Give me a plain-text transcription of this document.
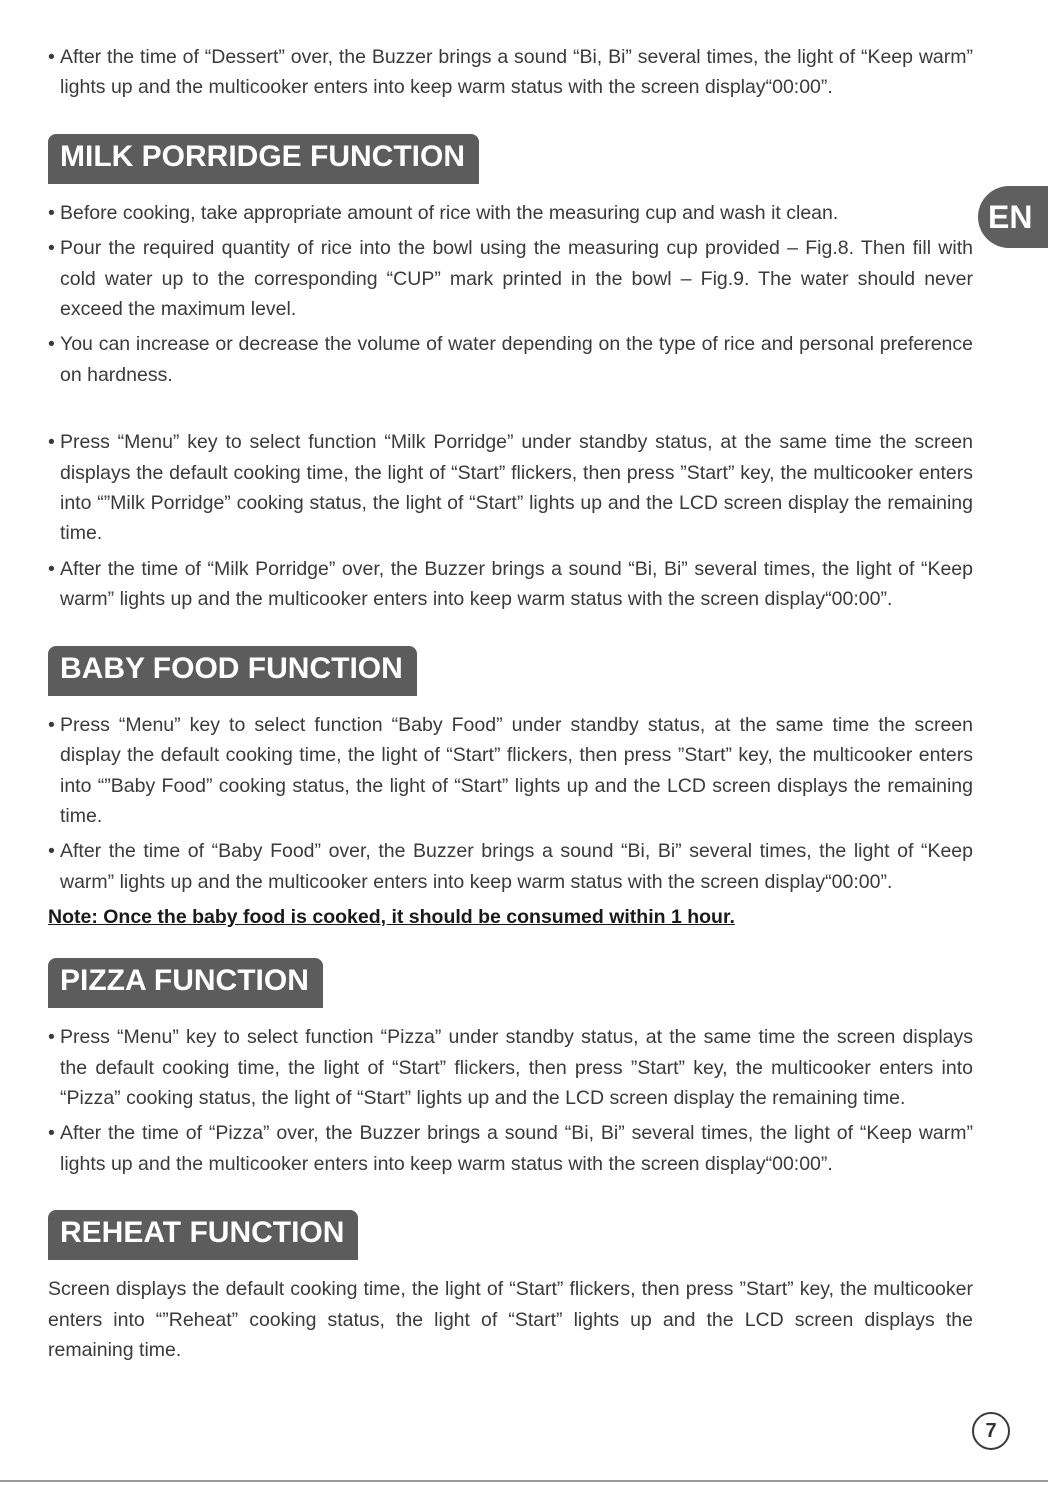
• After the time of “Dessert” over, the Buzzer brings a sound “Bi, Bi” several times, the light of “Keep warm” lights up and the multicooker enters into keep warm status with the screen display“00:00”.

MILK PORRIDGE FUNCTION

• Before cooking, take appropriate amount of rice with the measuring cup and wash it clean.

• Pour the required quantity of rice into the bowl using the measuring cup provided – Fig.8. Then fill with cold water up to the corresponding “CUP” mark printed in the bowl – Fig.9. The water should never exceed the maximum level.

• You can increase or decrease the volume of water depending on the type of rice and personal preference on hardness.

• Press “Menu” key to select function “Milk Porridge” under standby status, at the same time the screen displays the default cooking time, the light of “Start” flickers, then press ”Start” key, the multicooker enters into “”Milk Porridge” cooking status, the light of “Start” lights up and the LCD screen display the remaining time.

• After the time of “Milk Porridge” over, the Buzzer brings a sound “Bi, Bi” several times, the light of “Keep warm” lights up and the multicooker enters into keep warm status with the screen display“00:00”.

BABY FOOD FUNCTION

• Press “Menu” key to select function “Baby Food” under standby status, at the same time the screen display the default cooking time, the light of “Start” flickers, then press ”Start” key, the multicooker enters into “”Baby Food” cooking status, the light of “Start” lights up and the LCD screen displays the remaining time.

• After the time of “Baby Food” over, the Buzzer brings a sound “Bi, Bi” several times, the light of “Keep warm” lights up and the multicooker enters into keep warm status with the screen display“00:00”.

Note: Once the baby food is cooked, it should be consumed within 1 hour.

PIZZA FUNCTION

• Press “Menu” key to select function “Pizza” under standby status, at the same time the screen displays the default cooking time, the light of “Start” flickers, then press ”Start” key, the multicooker enters into “Pizza” cooking status, the light of “Start” lights up and the LCD screen display the remaining time.

• After the time of “Pizza” over, the Buzzer brings a sound “Bi, Bi” several times, the light of “Keep warm” lights up and the multicooker enters into keep warm status with the screen display“00:00”.

REHEAT FUNCTION

Screen displays the default cooking time, the light of “Start” flickers, then press ”Start” key, the multicooker enters into “”Reheat” cooking status, the light of “Start” lights up and the LCD screen displays the remaining time.

EN
7
